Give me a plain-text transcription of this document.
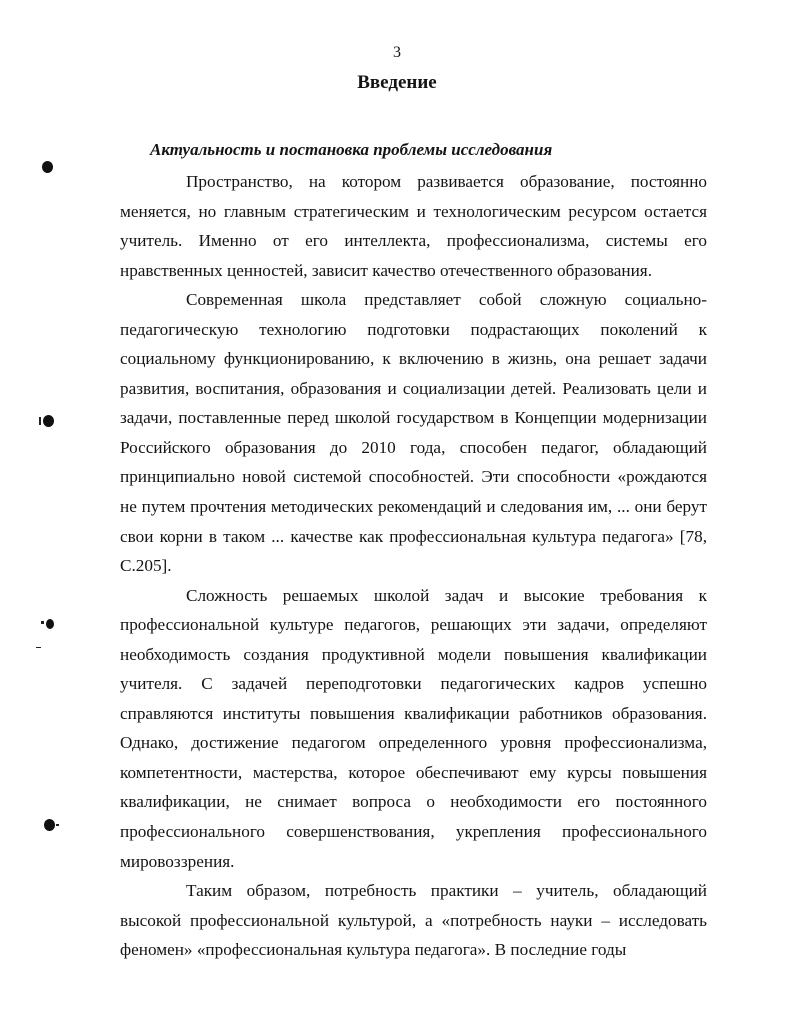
3
Введение
Актуальность и постановка проблемы исследования

Пространство, на котором развивается образование, постоянно меняется, но главным стратегическим и технологическим ресурсом остается учитель. Именно от его интеллекта, профессионализма, системы его нравственных ценностей, зависит качество отечественного образования.

Современная школа представляет собой сложную социально-педагогическую технологию подготовки подрастающих поколений к социальному функционированию, к включению в жизнь, она решает задачи развития, воспитания, образования и социализации детей. Реализовать цели и задачи, поставленные перед школой государством в Концепции модернизации Российского образования до 2010 года, способен педагог, обладающий принципиально новой системой способностей. Эти способности «рождаются не путем прочтения методических рекомендаций и следования им, ... они берут свои корни в таком ... качестве как профессиональная культура педагога» [78, С.205].

Сложность решаемых школой задач и высокие требования к профессиональной культуре педагогов, решающих эти задачи, определяют необходимость создания продуктивной модели повышения квалификации учителя. С задачей переподготовки педагогических кадров успешно справляются институты повышения квалификации работников образования. Однако, достижение педагогом определенного уровня профессионализма, компетентности, мастерства, которое обеспечивают ему курсы повышения квалификации, не снимает вопроса о необходимости его постоянного профессионального совершенствования, укрепления профессионального мировоззрения.

Таким образом, потребность практики – учитель, обладающий высокой профессиональной культурой, а «потребность науки – исследовать феномен» «профессиональная культура педагога». В последние годы
